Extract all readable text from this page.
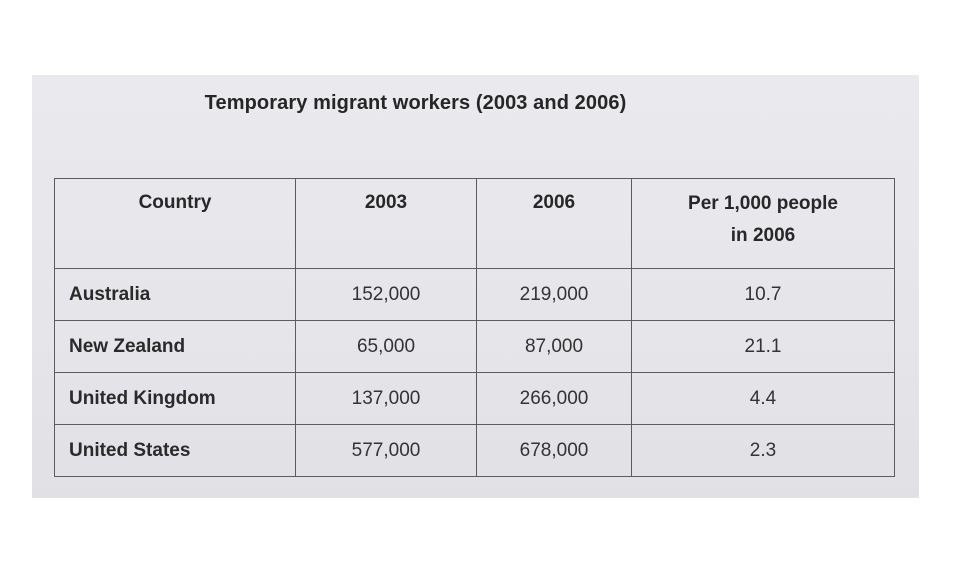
Temporary migrant workers (2003 and 2006)
Country	2003	2006	Per 1,000 people
in 2006

Australia	152,000	219,000	10.7
New Zealand	65,000	87,000	21.1
United Kingdom	137,000	266,000	4.4
United States	577,000	678,000	2.3
